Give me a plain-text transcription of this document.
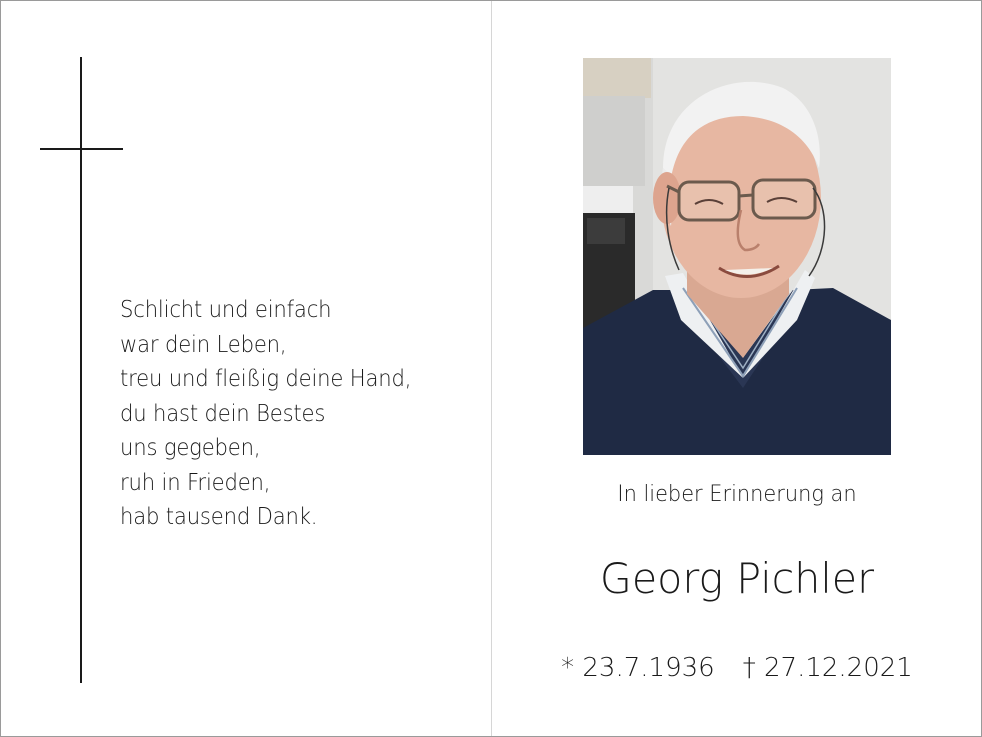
Schlicht und einfach
war dein Leben,
treu und fleißig deine Hand,
du hast dein Bestes
uns gegeben,
ruh in Frieden,
hab tausend Dank.
In lieber Erinnerung an
Georg Pichler
* 23.7.1936 † 27.12.2021
